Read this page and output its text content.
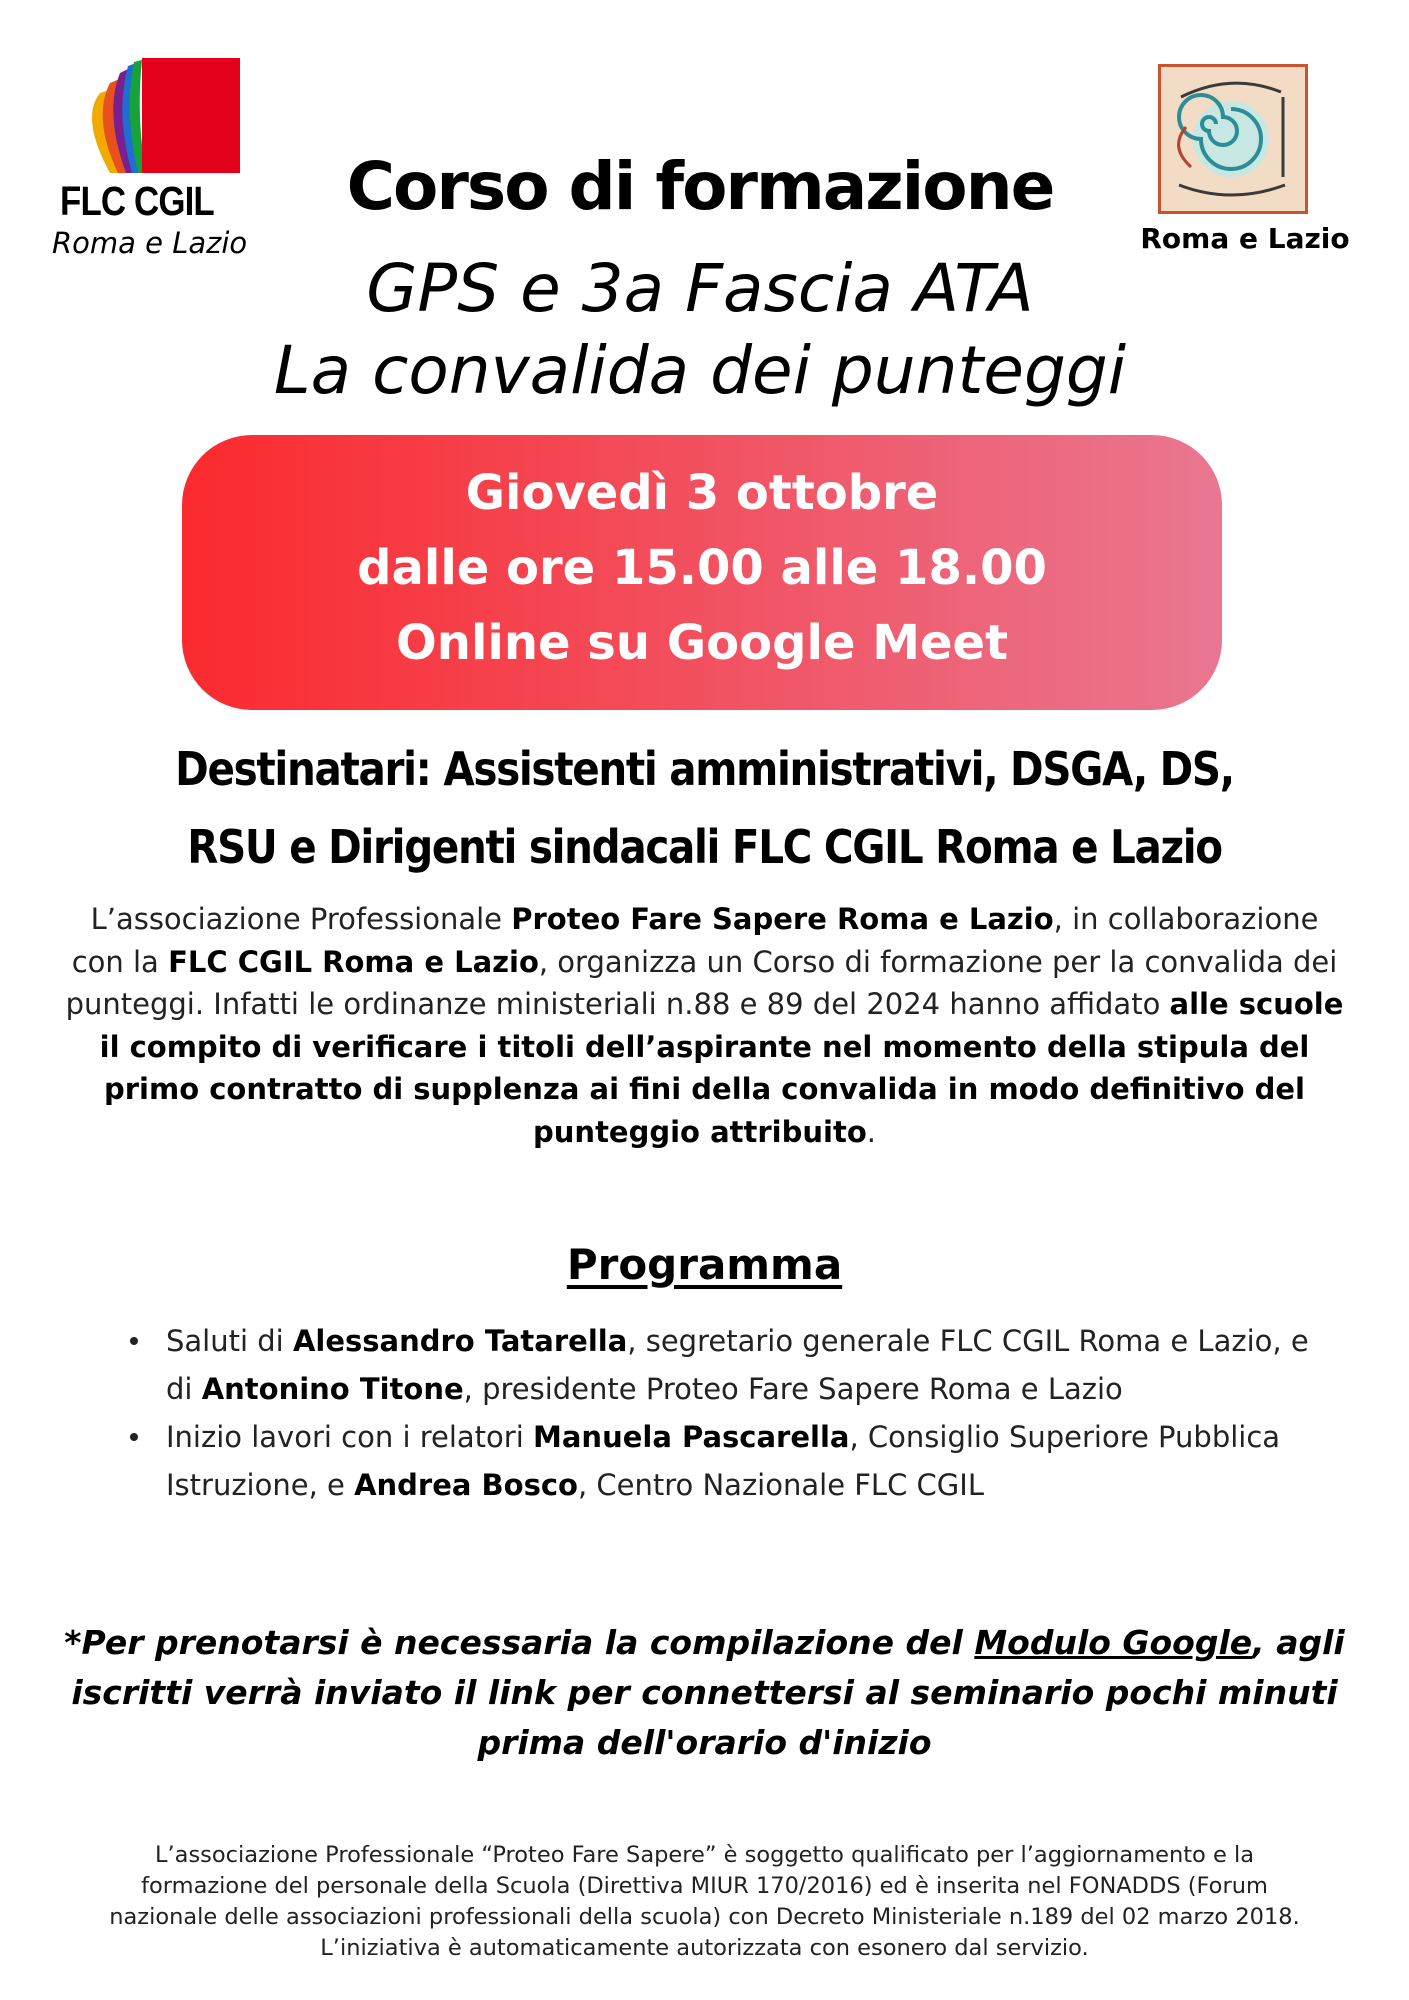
FLC CGIL
Roma e Lazio	Roma e Lazio
Corso di formazione
GPS e 3a Fascia ATA
La convalida dei punteggi
Giovedì 3 ottobre
dalle ore 15.00 alle 18.00
Online su Google Meet
Destinatari: Assistenti amministrativi, DSGA, DS,
RSU e Dirigenti sindacali FLC CGIL Roma e Lazio
L’associazione Professionale Proteo Fare Sapere Roma e Lazio, in collaborazione con la FLC CGIL Roma e Lazio, organizza un Corso di formazione per la convalida dei punteggi. Infatti le ordinanze ministeriali n.88 e 89 del 2024 hanno affidato alle scuole il compito di verificare i titoli dell’aspirante nel momento della stipula del primo contratto di supplenza ai fini della convalida in modo definitivo del punteggio attribuito.
Programma
Saluti di Alessandro Tatarella, segretario generale FLC CGIL Roma e Lazio, e di Antonino Titone, presidente Proteo Fare Sapere Roma e Lazio
Inizio lavori con i relatori Manuela Pascarella, Consiglio Superiore Pubblica Istruzione, e Andrea Bosco, Centro Nazionale FLC CGIL
*Per prenotarsi è necessaria la compilazione del Modulo Google, agli iscritti verrà inviato il link per connettersi al seminario pochi minuti prima dell'orario d'inizio
L’associazione Professionale “Proteo Fare Sapere” è soggetto qualificato per l’aggiornamento e la
formazione del personale della Scuola (Direttiva MIUR 170/2016) ed è inserita nel FONADDS (Forum
nazionale delle associazioni professionali della scuola) con Decreto Ministeriale n.189 del 02 marzo 2018.
L’iniziativa è automaticamente autorizzata con esonero dal servizio.
